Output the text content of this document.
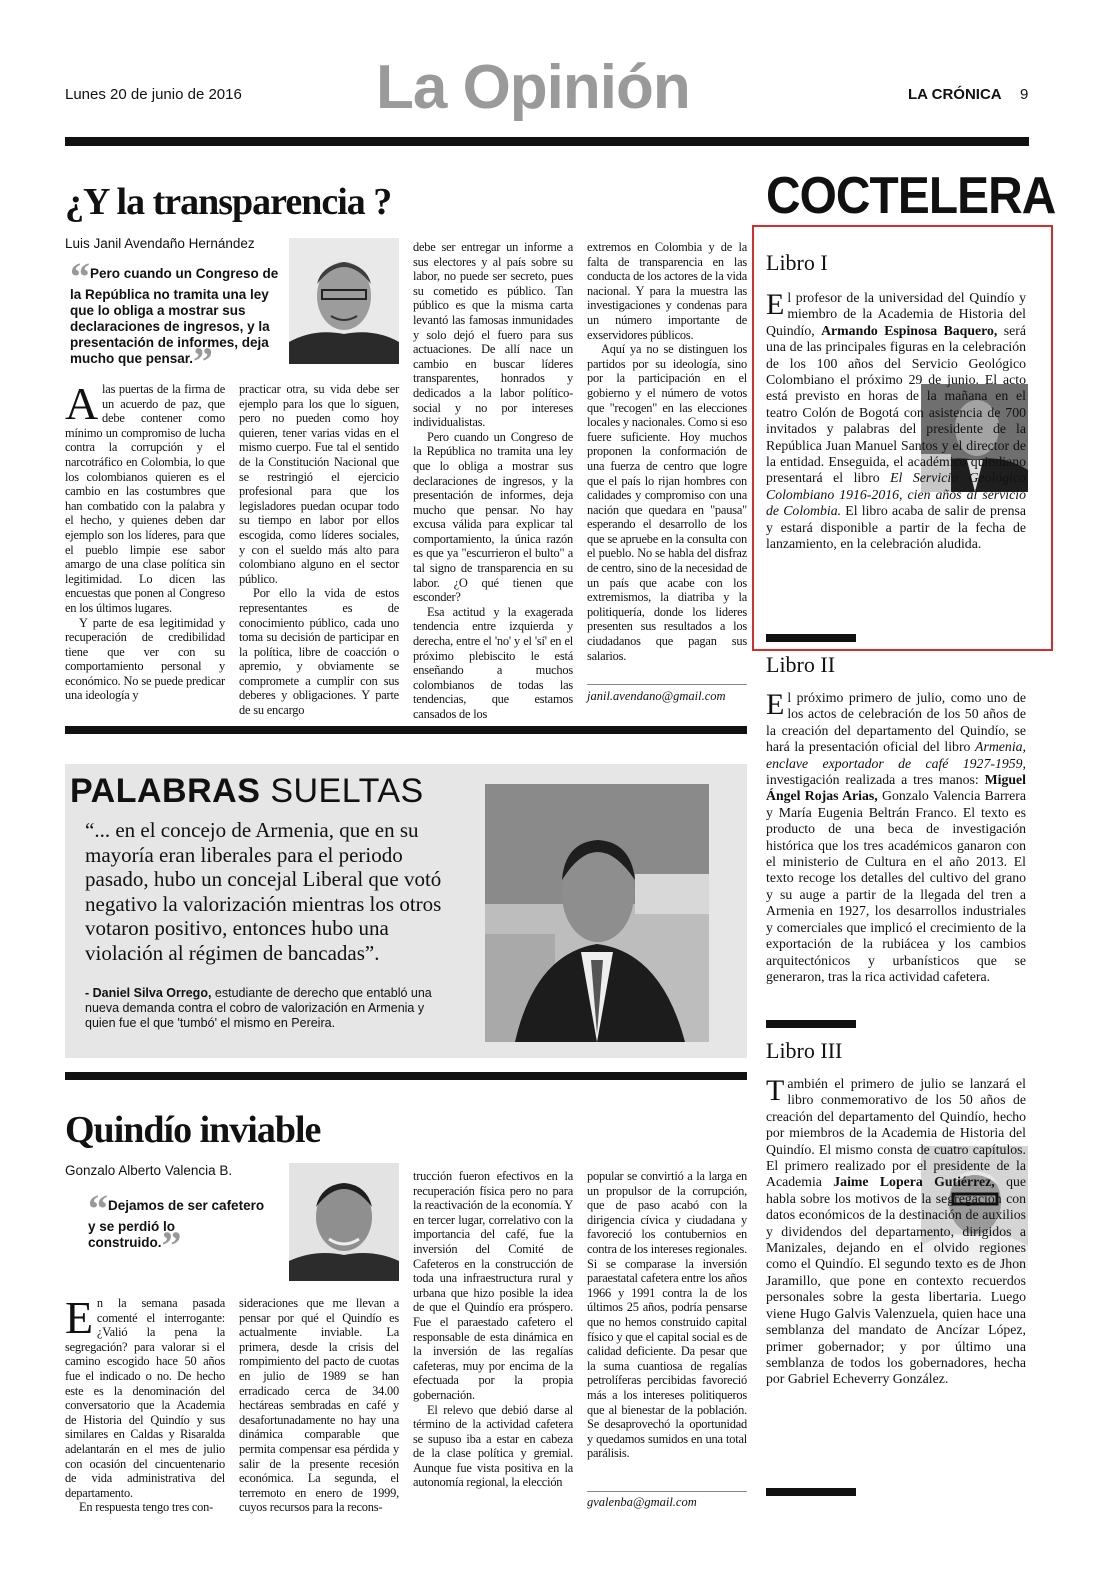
Lunes 20 de junio de 2016 La Opinión	LA CRÓNICA 9
¿Y la transparencia ?
Luis Janil Avendaño Hernández
“Pero cuando un Congreso de la República no tramita una ley que lo obliga a mostrar sus declaraciones de ingresos, y la presentación de informes, deja mucho que pensar.”

Alas puertas de la firma de un acuerdo de paz, que debe contener como mínimo un compromiso de lucha contra la corrupción y el narcotráfico en Colombia, lo que los colombianos quieren es el cambio en las costumbres que han combatido con la palabra y el hecho, y quienes deben dar ejemplo son los líderes, para que el pueblo limpie ese sabor amargo de una clase política sin legitimidad. Lo dicen las encuestas que ponen al Congreso en los últimos lugares.

Y parte de esa legitimidad y recuperación de credibilidad tiene que ver con su comportamiento personal y económico. No se puede predicar una ideología y

practicar otra, su vida debe ser ejemplo para los que lo siguen, pero no pueden como hoy quieren, tener varias vidas en el mismo cuerpo. Fue tal el sentido de la Constitución Nacional que se restringió el ejercicio profesional para que los legisladores puedan ocupar todo su tiempo en labor por ellos escogida, como líderes sociales, y con el sueldo más alto para colombiano alguno en el sector público.

Por ello la vida de estos representantes es de conocimiento público, cada uno toma su decisión de participar en la política, libre de coacción o apremio, y obviamente se compromete a cumplir con sus deberes y obligaciones. Y parte de su encargo

debe ser entregar un informe a sus electores y al país sobre su labor, no puede ser secreto, pues su cometido es público. Tan público es que la misma carta levantó las famosas inmunidades y solo dejó el fuero para sus actuaciones. De allí nace un cambio en buscar líderes transparentes, honrados y dedicados a la labor político-social y no por intereses individualistas.

Pero cuando un Congreso de la República no tramita una ley que lo obliga a mostrar sus declaraciones de ingresos, y la presentación de informes, deja mucho que pensar. No hay excusa válida para explicar tal comportamiento, la única razón es que ya "escurrieron el bulto" a tal signo de transparencia en su labor. ¿O qué tienen que esconder?

Esa actitud y la exagerada tendencia entre izquierda y derecha, entre el 'no' y el 'sí' en el próximo plebiscito le está enseñando a muchos colombianos de todas las tendencias, que estamos cansados de los

extremos en Colombia y de la falta de transparencia en las conducta de los actores de la vida nacional. Y para la muestra las investigaciones y condenas para un número importante de exservidores públicos.

Aquí ya no se distinguen los partidos por su ideología, sino por la participación en el gobierno y el número de votos que "recogen" en las elecciones locales y nacionales. Como si eso fuere suficiente. Hoy muchos proponen la conformación de una fuerza de centro que logre que el país lo rijan hombres con calidades y compromiso con una nación que quedara en "pausa" esperando el desarrollo de los que se apruebe en la consulta con el pueblo. No se habla del disfraz de centro, sino de la necesidad de un país que acabe con los extremismos, la diatriba y la politiquería, donde los lideres presenten sus resultados a los ciudadanos que pagan sus salarios.

janil.avendano@gmail.com
PALABRAS SUELTAS
“... en el concejo de Armenia, que en su mayoría eran liberales para el periodo pasado, hubo un concejal Liberal que votó negativo la valorización mientras los otros votaron positivo, entonces hubo una violación al régimen de bancadas”.
- Daniel Silva Orrego, estudiante de derecho que entabló una nueva demanda contra el cobro de valorización en Armenia y quien fue el que 'tumbó' el mismo en Pereira.
Quindío inviable
Gonzalo Alberto Valencia B.
“Dejamos de ser cafetero y se perdió lo construido.”

En la semana pasada comenté el interrogante: ¿Valió la pena la segregación? para valorar si el camino escogido hace 50 años fue el indicado o no. De hecho este es la denominación del conversatorio que la Academia de Historia del Quindío y sus similares en Caldas y Risaralda adelantarán en el mes de julio con ocasión del cincuentenario de vida administrativa del departamento.

En respuesta tengo tres con-

sideraciones que me llevan a pensar por qué el Quindío es actualmente inviable. La primera, desde la crisis del rompimiento del pacto de cuotas en julio de 1989 se han erradicado cerca de 34.00 hectáreas sembradas en café y desafortunadamente no hay una dinámica comparable que permita compensar esa pérdida y salir de la presente recesión económica. La segunda, el terremoto en enero de 1999, cuyos recursos para la recons-

trucción fueron efectivos en la recuperación física pero no para la reactivación de la economía. Y en tercer lugar, correlativo con la importancia del café, fue la inversión del Comité de Cafeteros en la construcción de toda una infraestructura rural y urbana que hizo posible la idea de que el Quindío era próspero. Fue el paraestado cafetero el responsable de esta dinámica en la inversión de las regalías cafeteras, muy por encima de la efectuada por la propia gobernación.

El relevo que debió darse al término de la actividad cafetera se supuso iba a estar en cabeza de la clase política y gremial. Aunque fue vista positiva en la autonomía regional, la elección

popular se convirtió a la larga en un propulsor de la corrupción, que de paso acabó con la dirigencia cívica y ciudadana y favoreció los contubernios en contra de los intereses regionales. Si se comparase la inversión paraestatal cafetera entre los años 1966 y 1991 contra la de los últimos 25 años, podría pensarse que no hemos construido capital físico y que el capital social es de calidad deficiente. Da pesar que la suma cuantiosa de regalías petrolíferas percibidas favoreció más a los intereses politiqueros que al bienestar de la población. Se desaprovechó la oportunidad y quedamos sumidos en una total parálisis.

gvalenba@gmail.com
COCTELERA
Libro I
El profesor de la universidad del Quindío y miembro de la Academia de Historia del Quindío, Armando Espinosa Baquero, será una de las principales figuras en la celebración de los 100 años del Servicio Geológico Colombiano el próximo 29 de junio. El acto está previsto en horas de la mañana en el teatro Colón de Bogotá con asistencia de 700 invitados y palabras del presidente de la República Juan Manuel Santos y el director de la entidad. Enseguida, el académico quindiano presentará el libro El Servicio Geológico Colombiano 1916-2016, cien años al servicio de Colombia. El libro acaba de salir de prensa y estará disponible a partir de la fecha de lanzamiento, en la celebración aludida.
Libro II
El próximo primero de julio, como uno de los actos de celebración de los 50 años de la creación del departamento del Quindío, se hará la presentación oficial del libro Armenia, enclave exportador de café 1927-1959, investigación realizada a tres manos: Miguel Ángel Rojas Arias, Gonzalo Valencia Barrera y María Eugenia Beltrán Franco. El texto es producto de una beca de investigación histórica que los tres académicos ganaron con el ministerio de Cultura en el año 2013. El texto recoge los detalles del cultivo del grano y su auge a partir de la llegada del tren a Armenia en 1927, los desarrollos industriales y comerciales que implicó el crecimiento de la exportación de la rubiácea y los cambios arquitectónicos y urbanísticos que se generaron, tras la rica actividad cafetera.
Libro III
También el primero de julio se lanzará el libro conmemorativo de los 50 años de creación del departamento del Quindío, hecho por miembros de la Academia de Historia del Quindío. El mismo consta de cuatro capítulos. El primero realizado por el presidente de la Academia Jaime Lopera Gutiérrez, que habla sobre los motivos de la segregación con datos económicos de la destinación de auxilios y dividendos del departamento, dirigidos a Manizales, dejando en el olvido regiones como el Quindío. El segundo texto es de Jhon Jaramillo, que pone en contexto recuerdos personales sobre la gesta libertaria. Luego viene Hugo Galvis Valenzuela, quien hace una semblanza del mandato de Ancízar López, primer gobernador; y por último una semblanza de todos los gobernadores, hecha por Gabriel Echeverry González.
